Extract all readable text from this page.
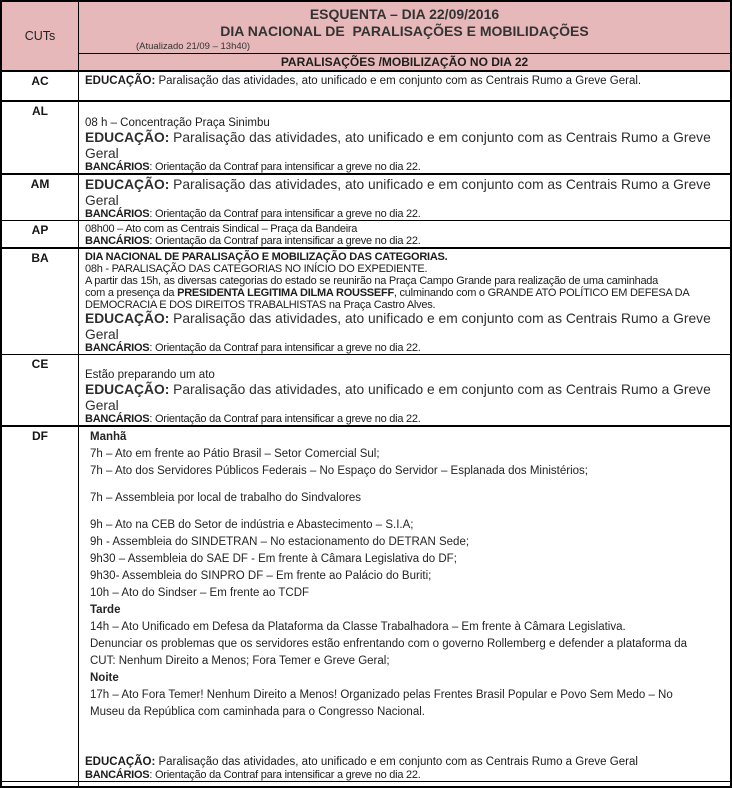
CUTs
ESQUENTA – DIA 22/09/2016
DIA NACIONAL DE  PARALISAÇÕES E MOBILIDAÇÕES
(Atualizado 21/09 – 13h40)
PARALISAÇÕES /MOBILIZAÇÃO NO DIA 22
AC	EDUCAÇÃO: Paralisação das atividades, ato unificado e em conjunto com as Centrais Rumo a Greve Geral.
AL
08 h – Concentração Praça Sinimbu
EDUCAÇÃO: Paralisação das atividades, ato unificado e em conjunto com as Centrais Rumo a Greve
Geral
BANCÁRIOS: Orientação da Contraf para intensificar a greve no dia 22.
AM	EDUCAÇÃO: Paralisação das atividades, ato unificado e em conjunto com as Centrais Rumo a Greve
Geral
BANCÁRIOS: Orientação da Contraf para intensificar a greve no dia 22.
AP	08h00 – Ato com as Centrais Sindical – Praça da Bandeira
BANCÁRIOS: Orientação da Contraf para intensificar a greve no dia 22.
BA	DIA NACIONAL DE PARALISAÇÃO E MOBILIZAÇÃO DAS CATEGORIAS.
08h - PARALISAÇÃO DAS CATEGORIAS NO INÍCIO DO EXPEDIENTE.
A partir das 15h, as diversas categorias do estado se reunirão na Praça Campo Grande para realização de uma caminhada
com a presença da PRESIDENTA LEGITIMA DILMA ROUSSEFF, culminando com o GRANDE ATO POLÍTICO EM DEFESA DA
DEMOCRACIA E DOS DIREITOS TRABALHISTAS na Praça Castro Alves.
EDUCAÇÃO: Paralisação das atividades, ato unificado e em conjunto com as Centrais Rumo a Greve
Geral
BANCÁRIOS: Orientação da Contraf para intensificar a greve no dia 22.
CE
Estão preparando um ato
EDUCAÇÃO: Paralisação das atividades, ato unificado e em conjunto com as Centrais Rumo a Greve
Geral
BANCÁRIOS: Orientação da Contraf para intensificar a greve no dia 22.
DF	Manhã
7h – Ato em frente ao Pátio Brasil – Setor Comercial Sul;
7h – Ato dos Servidores Públicos Federais – No Espaço do Servidor – Esplanada dos Ministérios;
7h – Assembleia por local de trabalho do Sindvalores
9h – Ato na CEB do Setor de indústria e Abastecimento – S.I.A;
9h - Assembleia do SINDETRAN – No estacionamento do DETRAN Sede;
9h30 – Assembleia do SAE DF - Em frente à Câmara Legislativa do DF;
9h30- Assembleia do SINPRO DF – Em frente ao Palácio do Buriti;
10h – Ato do Sindser – Em frente ao TCDF
Tarde
14h – Ato Unificado em Defesa da Plataforma da Classe Trabalhadora – Em frente à Câmara Legislativa.
Denunciar os problemas que os servidores estão enfrentando com o governo Rollemberg e defender a plataforma da
CUT: Nenhum Direito a Menos; Fora Temer e Greve Geral;
Noite
17h – Ato Fora Temer! Nenhum Direito a Menos! Organizado pelas Frentes Brasil Popular e Povo Sem Medo – No
Museu da República com caminhada para o Congresso Nacional.
EDUCAÇÃO: Paralisação das atividades, ato unificado e em conjunto com as Centrais Rumo a Greve Geral
BANCÁRIOS: Orientação da Contraf para intensificar a greve no dia 22.
